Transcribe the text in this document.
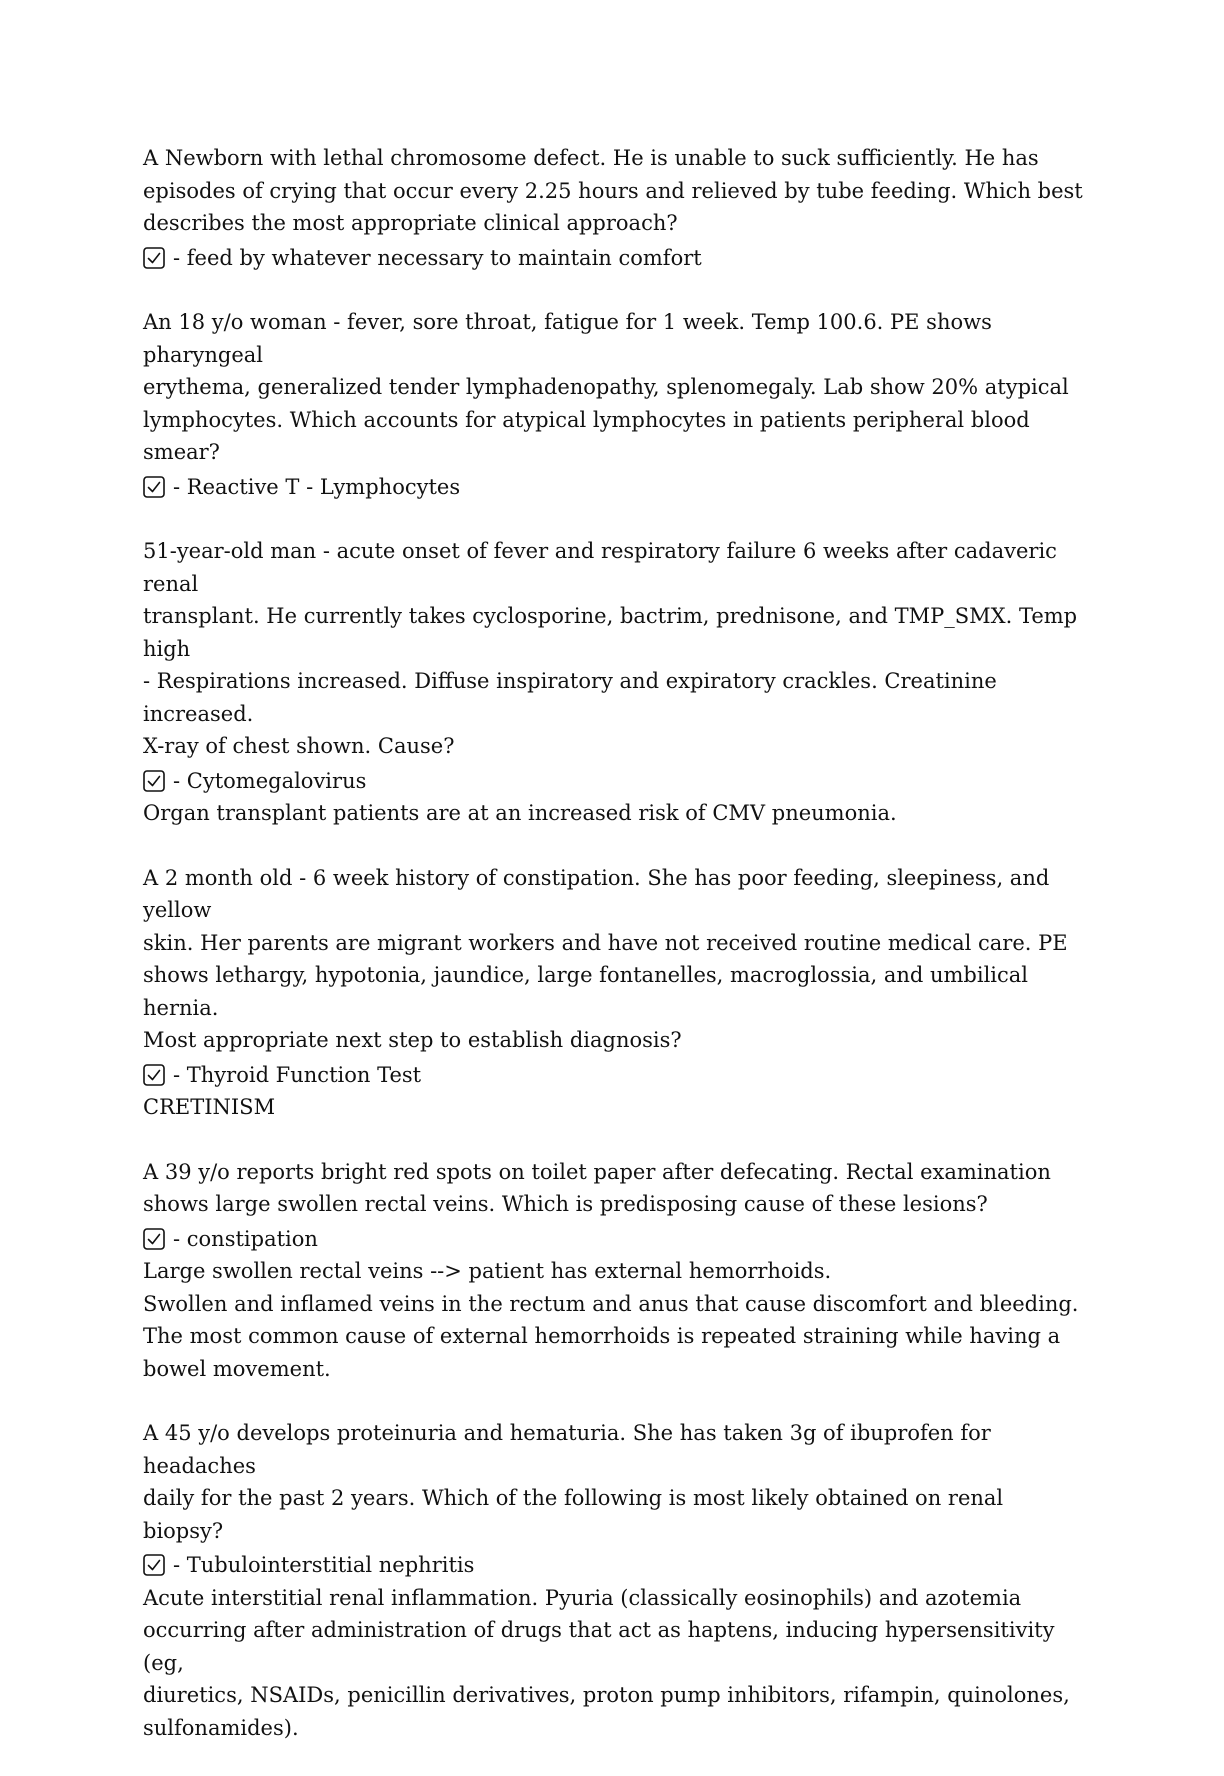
A Newborn with lethal chromosome defect. He is unable to suck sufficiently. He has
episodes of crying that occur every 2.25 hours and relieved by tube feeding. Which best
describes the most appropriate clinical approach?
- feed by whatever necessary to maintain comfort
An 18 y/o woman - fever, sore throat, fatigue for 1 week. Temp 100.6. PE shows pharyngeal
erythema, generalized tender lymphadenopathy, splenomegaly. Lab show 20% atypical
lymphocytes. Which accounts for atypical lymphocytes in patients peripheral blood smear?
- Reactive T - Lymphocytes
51-year-old man - acute onset of fever and respiratory failure 6 weeks after cadaveric renal
transplant. He currently takes cyclosporine, bactrim, prednisone, and TMP_SMX. Temp high
- Respirations increased. Diffuse inspiratory and expiratory crackles. Creatinine increased.
X-ray of chest shown. Cause?
- Cytomegalovirus
Organ transplant patients are at an increased risk of CMV pneumonia.
A 2 month old - 6 week history of constipation. She has poor feeding, sleepiness, and yellow
skin. Her parents are migrant workers and have not received routine medical care. PE
shows lethargy, hypotonia, jaundice, large fontanelles, macroglossia, and umbilical hernia.
Most appropriate next step to establish diagnosis?
- Thyroid Function Test
CRETINISM
A 39 y/o reports bright red spots on toilet paper after defecating. Rectal examination
shows large swollen rectal veins. Which is predisposing cause of these lesions?
- constipation
Large swollen rectal veins --> patient has external hemorrhoids.
Swollen and inflamed veins in the rectum and anus that cause discomfort and bleeding.
The most common cause of external hemorrhoids is repeated straining while having a
bowel movement.
A 45 y/o develops proteinuria and hematuria. She has taken 3g of ibuprofen for headaches
daily for the past 2 years. Which of the following is most likely obtained on renal biopsy?
- Tubulointerstitial nephritis
Acute interstitial renal inflammation. Pyuria (classically eosinophils) and azotemia
occurring after administration of drugs that act as haptens, inducing hypersensitivity (eg,
diuretics, NSAIDs, penicillin derivatives, proton pump inhibitors, rifampin, quinolones,
sulfonamides).
